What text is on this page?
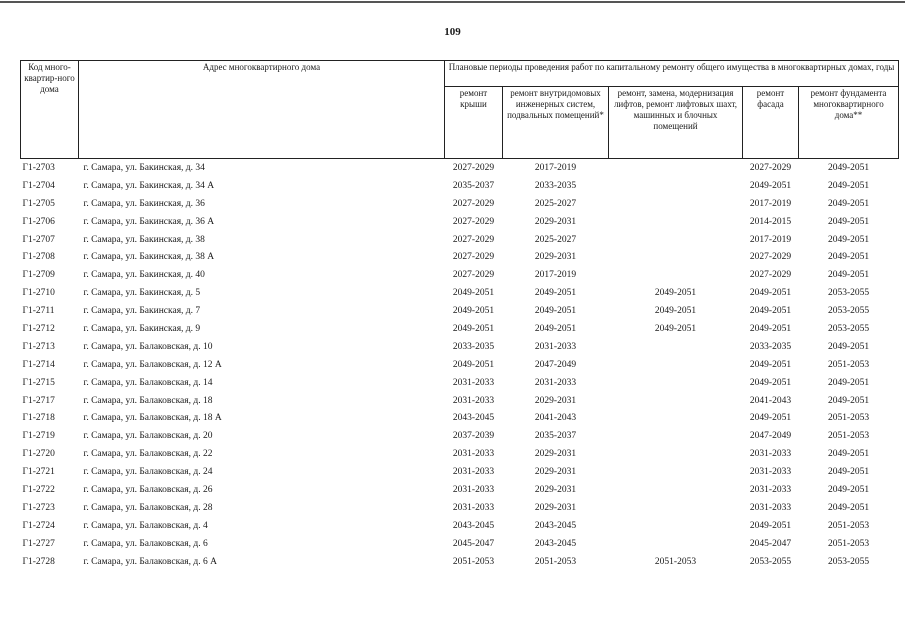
109
Код много-квартир-ного дома	Адрес многоквартирного дома	Плановые периоды проведения работ по капитальному ремонту общего имущества в многоквартирных домах, годы				
		ремонт крыши	ремонт внутридомовых инженерных систем, подвальных помещений*	ремонт, замена, модернизация лифтов, ремонт лифтовых шахт, машинных и блочных помещений	ремонт фасада	ремонт фундамента многоквартирного дома**
Г1-2703	г. Самара, ул. Бакинская, д. 34	2027-2029	2017-2019		2027-2029	2049-2051
Г1-2704	г. Самара, ул. Бакинская, д. 34 А	2035-2037	2033-2035		2049-2051	2049-2051
Г1-2705	г. Самара, ул. Бакинская, д. 36	2027-2029	2025-2027		2017-2019	2049-2051
Г1-2706	г. Самара, ул. Бакинская, д. 36 А	2027-2029	2029-2031		2014-2015	2049-2051
Г1-2707	г. Самара, ул. Бакинская, д. 38	2027-2029	2025-2027		2017-2019	2049-2051
Г1-2708	г. Самара, ул. Бакинская, д. 38 А	2027-2029	2029-2031		2027-2029	2049-2051
Г1-2709	г. Самара, ул. Бакинская, д. 40	2027-2029	2017-2019		2027-2029	2049-2051
Г1-2710	г. Самара, ул. Бакинская, д. 5	2049-2051	2049-2051	2049-2051	2049-2051	2053-2055
Г1-2711	г. Самара, ул. Бакинская, д. 7	2049-2051	2049-2051	2049-2051	2049-2051	2053-2055
Г1-2712	г. Самара, ул. Бакинская, д. 9	2049-2051	2049-2051	2049-2051	2049-2051	2053-2055
Г1-2713	г. Самара, ул. Балаковская, д. 10	2033-2035	2031-2033		2033-2035	2049-2051
Г1-2714	г. Самара, ул. Балаковская, д. 12 А	2049-2051	2047-2049		2049-2051	2051-2053
Г1-2715	г. Самара, ул. Балаковская, д. 14	2031-2033	2031-2033		2049-2051	2049-2051
Г1-2717	г. Самара, ул. Балаковская, д. 18	2031-2033	2029-2031		2041-2043	2049-2051
Г1-2718	г. Самара, ул. Балаковская, д. 18 А	2043-2045	2041-2043		2049-2051	2051-2053
Г1-2719	г. Самара, ул. Балаковская, д. 20	2037-2039	2035-2037		2047-2049	2051-2053
Г1-2720	г. Самара, ул. Балаковская, д. 22	2031-2033	2029-2031		2031-2033	2049-2051
Г1-2721	г. Самара, ул. Балаковская, д. 24	2031-2033	2029-2031		2031-2033	2049-2051
Г1-2722	г. Самара, ул. Балаковская, д. 26	2031-2033	2029-2031		2031-2033	2049-2051
Г1-2723	г. Самара, ул. Балаковская, д. 28	2031-2033	2029-2031		2031-2033	2049-2051
Г1-2724	г. Самара, ул. Балаковская, д. 4	2043-2045	2043-2045		2049-2051	2051-2053
Г1-2727	г. Самара, ул. Балаковская, д. 6	2045-2047	2043-2045		2045-2047	2051-2053
Г1-2728	г. Самара, ул. Балаковская, д. 6 А	2051-2053	2051-2053	2051-2053	2053-2055	2053-2055
